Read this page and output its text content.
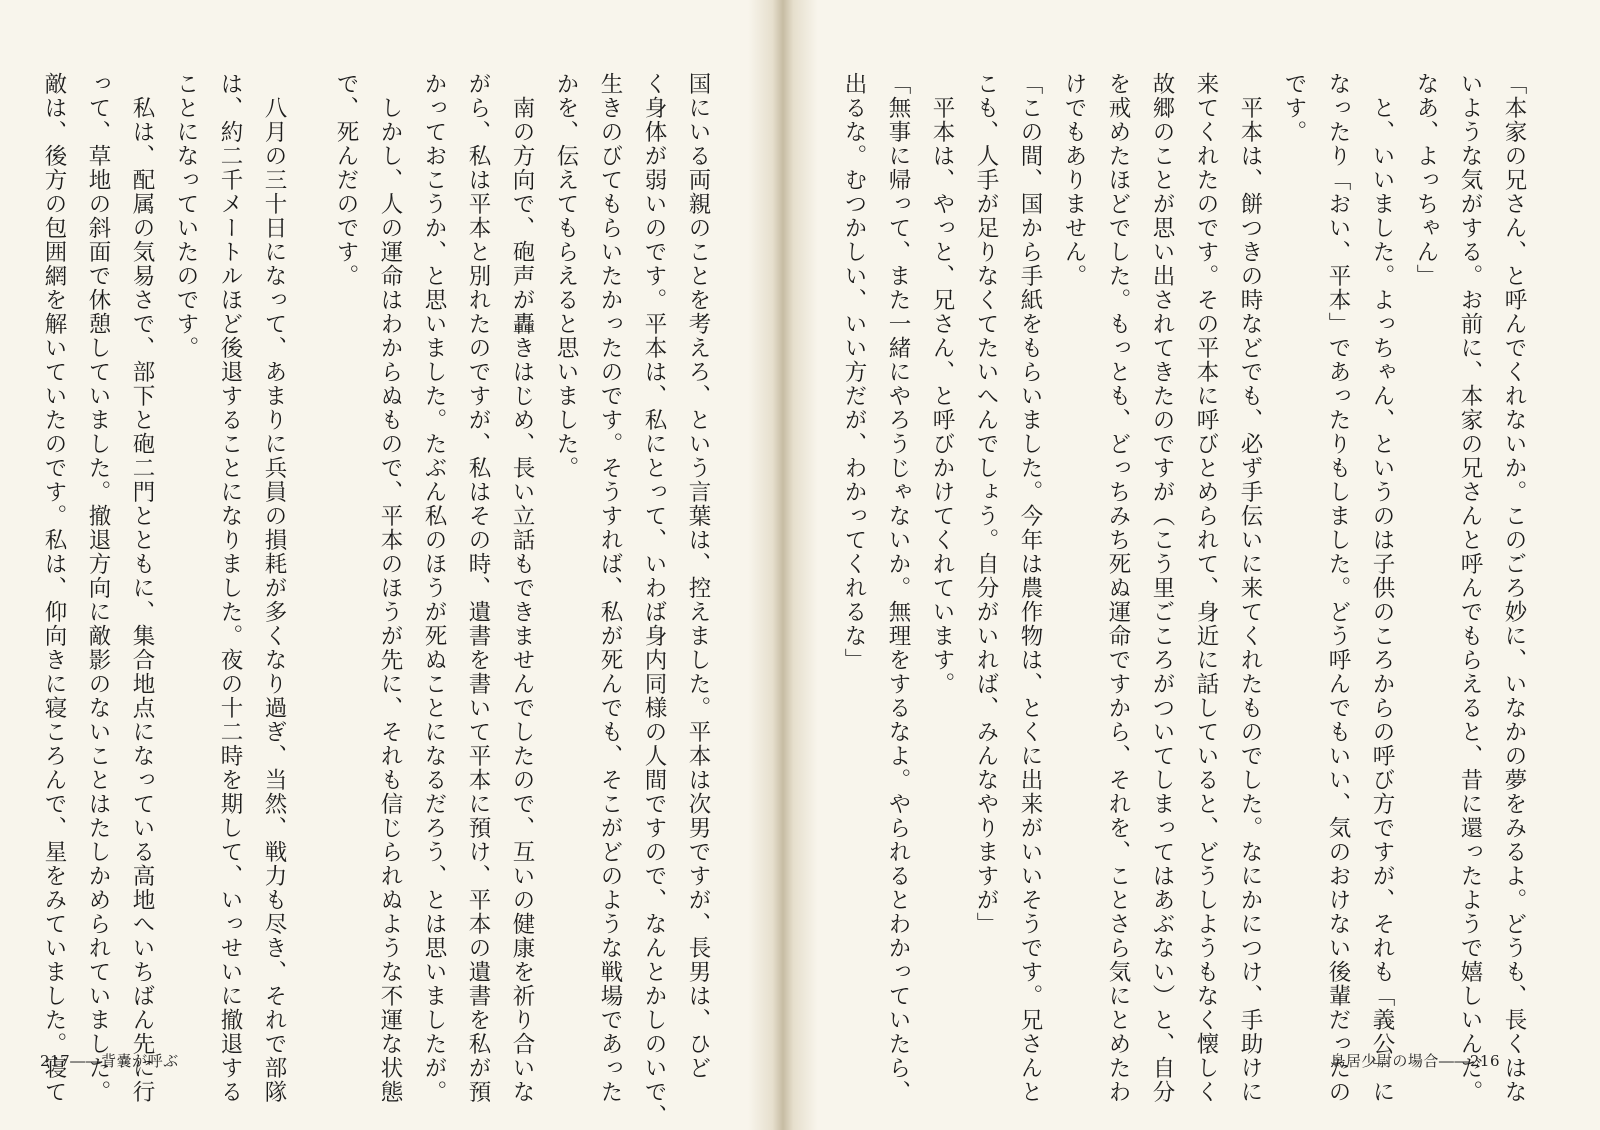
「本家の兄さん、と呼んでくれないか。このごろ妙に、いなかの夢をみるよ。どうも、長くはな
いような気がする。お前に、本家の兄さんと呼んでもらえると、昔に還ったようで嬉しいんだ。
なあ、よっちゃん」
　と、いいました。よっちゃん、というのは子供のころからの呼び方ですが、それも「義公」に
なったり「おい、平本」であったりもしました。どう呼んでもいい、気のおけない後輩だったの
です。
　平本は、餅つきの時などでも、必ず手伝いに来てくれたものでした。なにかにつけ、手助けに
来てくれたのです。その平本に呼びとめられて、身近に話していると、どうしようもなく懐しく
故郷のことが思い出されてきたのですが（こう里ごころがついてしまってはあぶない）と、自分
を戒めたほどでした。もっとも、どっちみち死ぬ運命ですから、それを、ことさら気にとめたわ
けでもありません。
「この間、国から手紙をもらいました。今年は農作物は、とくに出来がいいそうです。兄さんと
こも、人手が足りなくてたいへんでしょう。自分がいれば、みんなやりますが」
　平本は、やっと、兄さん、と呼びかけてくれています。
「無事に帰って、また一緒にやろうじゃないか。無理をするなよ。やられるとわかっていたら、
出るな。むつかしい、いい方だが、わかってくれるな」
国にいる両親のことを考えろ、という言葉は、控えました。平本は次男ですが、長男は、ひど
く身体が弱いのです。平本は、私にとって、いわば身内同様の人間ですので、なんとかしのいで、
生きのびてもらいたかったのです。そうすれば、私が死んでも、そこがどのような戦場であった
かを、伝えてもらえると思いました。
　南の方向で、砲声が轟きはじめ、長い立話もできませんでしたので、互いの健康を祈り合いな
がら、私は平本と別れたのですが、私はその時、遺書を書いて平本に預け、平本の遺書を私が預
かっておこうか、と思いました。たぶん私のほうが死ぬことになるだろう、とは思いましたが。
　しかし、人の運命はわからぬもので、平本のほうが先に、それも信じられぬような不運な状態
で、死んだのです。
　八月の三十日になって、あまりに兵員の損耗が多くなり過ぎ、当然、戦力も尽き、それで部隊
は、約二千メートルほど後退することになりました。夜の十二時を期して、いっせいに撤退する
ことになっていたのです。
　私は、配属の気易さで、部下と砲二門とともに、集合地点になっている高地へいちばん先に行
って、草地の斜面で休憩していました。撤退方向に敵影のないことはたしかめられていました。
敵は、後方の包囲網を解いていたのです。私は、仰向きに寝ころんで、星をみていました。寝て
217――背嚢が呼ぶ	鳥居少尉の場合――216
